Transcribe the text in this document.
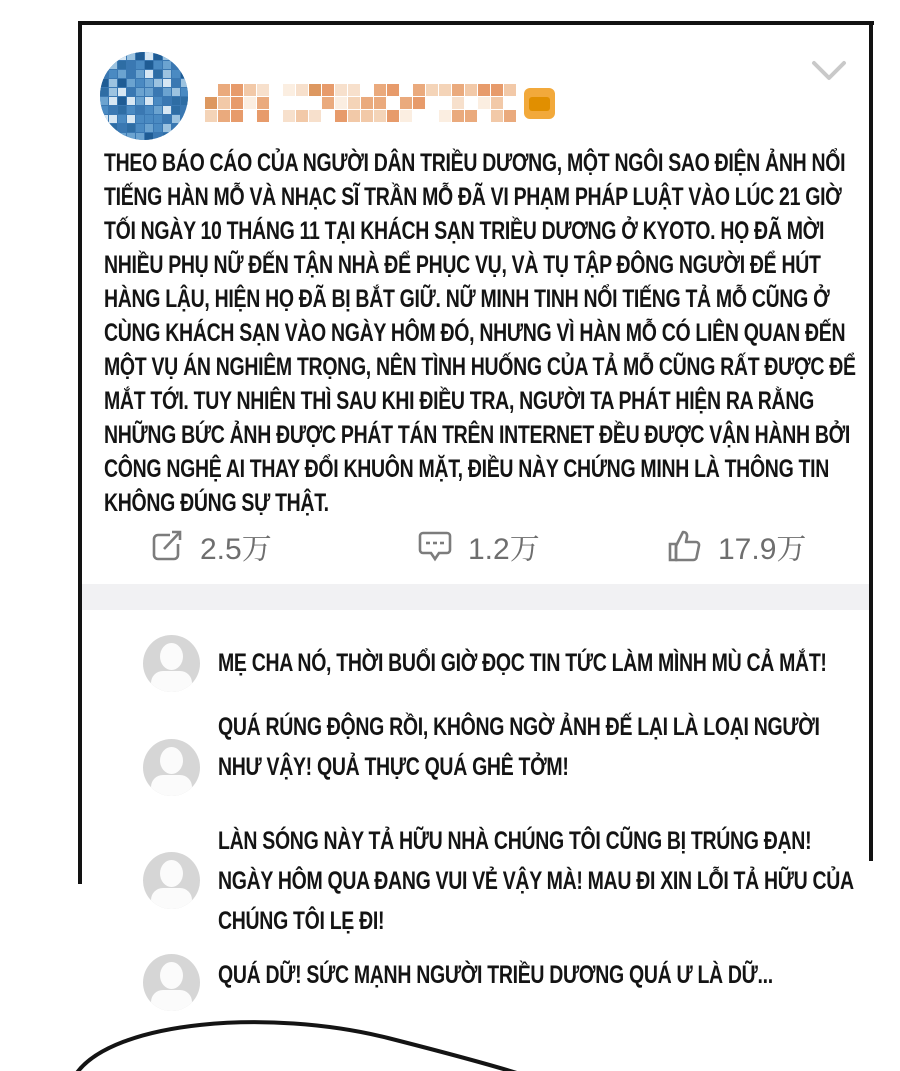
THEO BÁO CÁO CỦA NGƯỜI DÂN TRIỀU DƯƠNG, MỘT NGÔI SAO ĐIỆN ẢNH NỔI TIẾNG HÀN MỖ VÀ NHẠC SĨ TRẦN MỖ ĐÃ VI PHẠM PHÁP LUẬT VÀO LÚC 21 GIỜ TỐI NGÀY 10 THÁNG 11 TẠI KHÁCH SẠN TRIỀU DƯƠNG Ở KYOTO. HỌ ĐÃ MỜI NHIỀU PHỤ NỮ ĐẾN TẬN NHÀ ĐỂ PHỤC VỤ, VÀ TỤ TẬP ĐÔNG NGƯỜI ĐỂ HÚT HÀNG LẬU, HIỆN HỌ ĐÃ BỊ BẮT GIỮ. NỮ MINH TINH NỔI TIẾNG TẢ MỖ CŨNG Ở CÙNG KHÁCH SẠN VÀO NGÀY HÔM ĐÓ, NHƯNG VÌ HÀN MỖ CÓ LIÊN QUAN ĐẾN MỘT VỤ ÁN NGHIÊM TRỌNG, NÊN TÌNH HUỐNG CỦA TẢ MỖ CŨNG RẤT ĐƯỢC ĐỂ MẮT TỚI. TUY NHIÊN THÌ SAU KHI ĐIỀU TRA, NGƯỜI TA PHÁT HIỆN RA RẰNG NHỮNG BỨC ẢNH ĐƯỢC PHÁT TÁN TRÊN INTERNET ĐỀU ĐƯỢC VẬN HÀNH BỞI CÔNG NGHỆ AI THAY ĐỔI KHUÔN MẶT, ĐIỀU NÀY CHỨNG MINH LÀ THÔNG TIN KHÔNG ĐÚNG SỰ THẬT.
2.5万	1.2万	17.9万
MẸ CHA NÓ, THỜI BUỔI GIỜ ĐỌC TIN TỨC LÀM MÌNH MÙ CẢ MẮT!
QUÁ RÚNG ĐỘNG RỒI, KHÔNG NGỜ ẢNH ĐẾ LẠI LÀ LOẠI NGƯỜI NHƯ VẬY! QUẢ THỰC QUÁ GHÊ TỞM!
LÀN SÓNG NÀY TẢ HỮU NHÀ CHÚNG TÔI CŨNG BỊ TRÚNG ĐẠN! NGÀY HÔM QUA ĐANG VUI VẺ VẬY MÀ! MAU ĐI XIN LỖI TẢ HỮU CỦA CHÚNG TÔI LẸ ĐI!
QUÁ DỮ! SỨC MẠNH NGƯỜI TRIỀU DƯƠNG QUÁ Ư LÀ DỮ...
